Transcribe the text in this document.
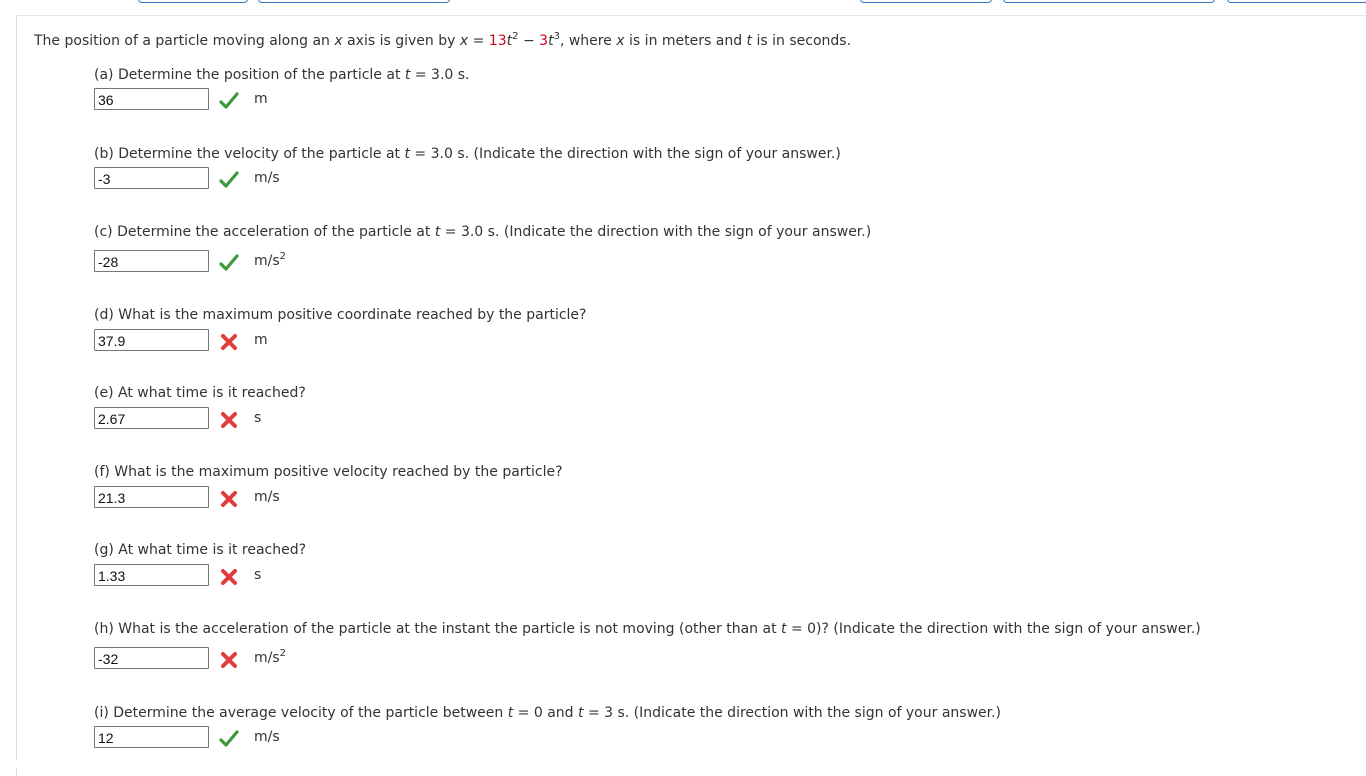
The position of a particle moving along an x axis is given by $x = 13t^2 - 3t^3$, where x is in meters and t is in seconds.
(a) Determine the position of the particle at t = 3.0 s.
36	m
(b) Determine the velocity of the particle at t = 3.0 s. (Indicate the direction with the sign of your answer.)
-3	m/s
(c) Determine the acceleration of the particle at t = 3.0 s. (Indicate the direction with the sign of your answer.)
-28	$m/s^2$
(d) What is the maximum positive coordinate reached by the particle?
37.9	m
(e) At what time is it reached?
2.67	s
(f) What is the maximum positive velocity reached by the particle?
21.3	m/s
(g) At what time is it reached?
1.33	s
(h) What is the acceleration of the particle at the instant the particle is not moving (other than at t = 0)? (Indicate the direction with the sign of your answer.)
-32	$m/s^2$
(i) Determine the average velocity of the particle between t = 0 and t = 3 s. (Indicate the direction with the sign of your answer.)
12	m/s
